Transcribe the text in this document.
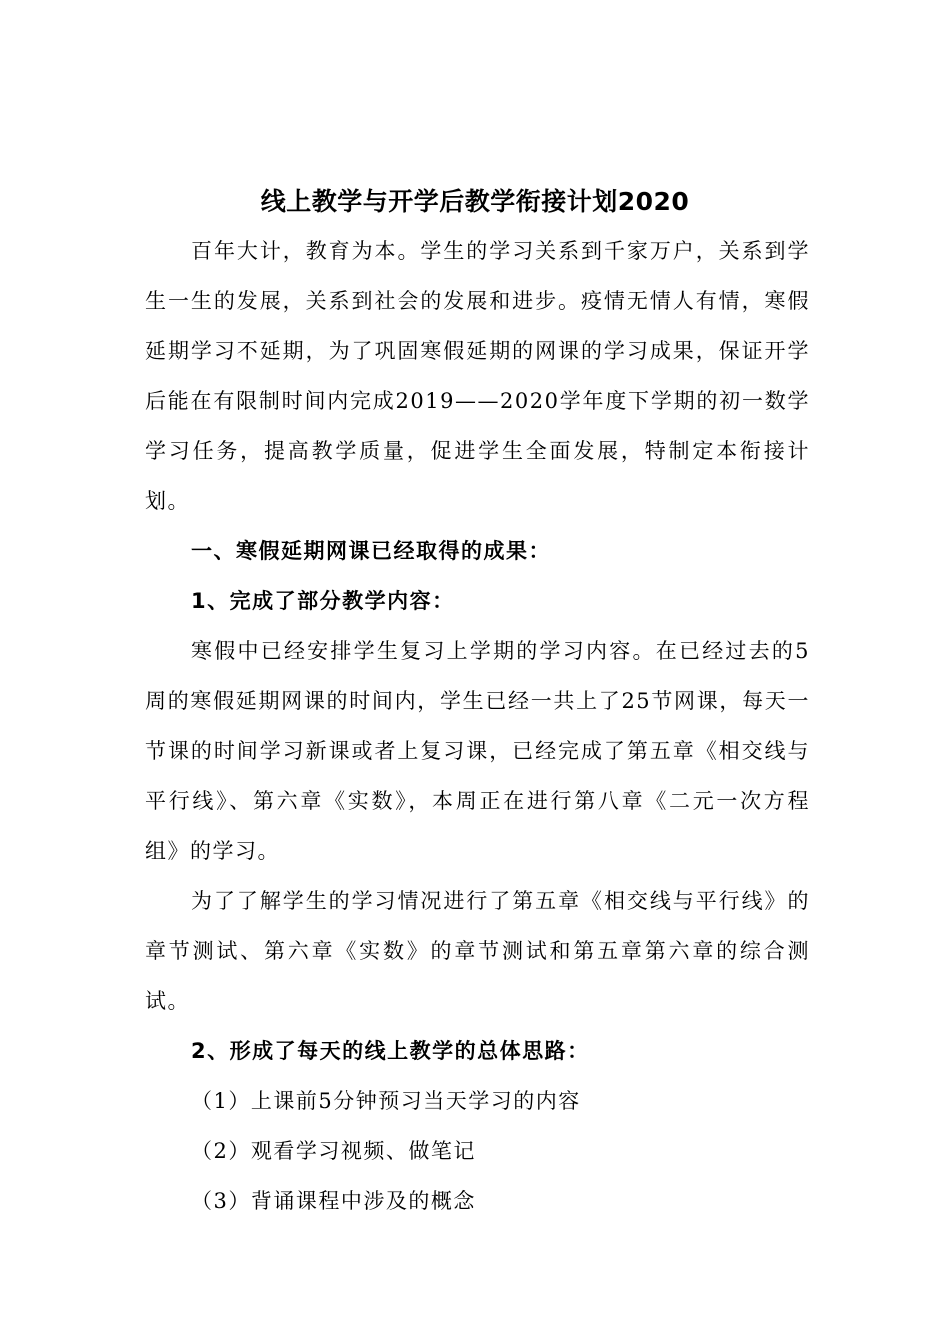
线上教学与开学后教学衔接计划2020

百年大计，教育为本。学生的学习关系到千家万户，关系到学生一生的发展，关系到社会的发展和进步。疫情无情人有情，寒假延期学习不延期，为了巩固寒假延期的网课的学习成果，保证开学后能在有限制时间内完成2019——2020学年度下学期的初一数学学习任务，提高教学质量，促进学生全面发展，特制定本衔接计划。

一、寒假延期网课已经取得的成果：

1、完成了部分教学内容：

寒假中已经安排学生复习上学期的学习内容。在已经过去的5周的寒假延期网课的时间内，学生已经一共上了25节网课，每天一节课的时间学习新课或者上复习课，已经完成了第五章《相交线与平行线》、第六章《实数》，本周正在进行第八章《二元一次方程组》的学习。

为了了解学生的学习情况进行了第五章《相交线与平行线》的章节测试、第六章《实数》的章节测试和第五章第六章的综合测试。

2、形成了每天的线上教学的总体思路：

（1）上课前5分钟预习当天学习的内容

（2）观看学习视频、做笔记

（3）背诵课程中涉及的概念
